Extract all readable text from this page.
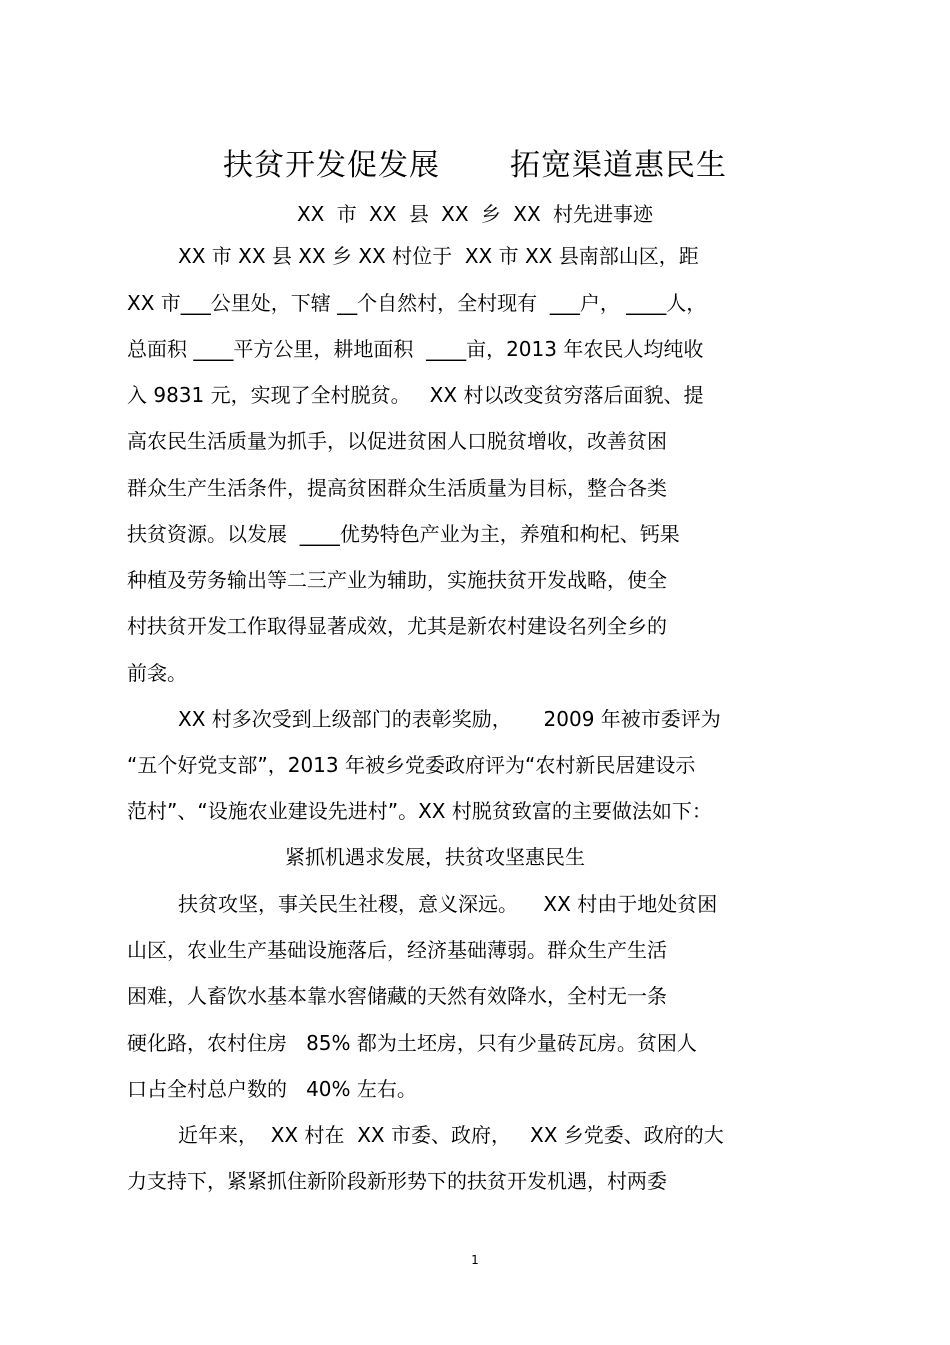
扶贫开发促发展 拓宽渠道惠民生
XX 市 XX 县 XX 乡 XX 村先进事迹
XX 市 XX 县 XX 乡 XX 村位于  XX 市 XX 县南部山区，距
XX 市___公里处，下辖 __个自然村，全村现有  ___户， ____人，
总面积 ____平方公里，耕地面积  ____亩，2013 年农民人均纯收
入 9831 元，实现了全村脱贫。   XX 村以改变贫穷落后面貌、提
高农民生活质量为抓手，以促进贫困人口脱贫增收，改善贫困
群众生产生活条件，提高贫困群众生活质量为目标，整合各类
扶贫资源。以发展  ____优势特色产业为主，养殖和枸杞、钙果
种植及劳务输出等二三产业为辅助，实施扶贫开发战略，使全
村扶贫开发工作取得显著成效，尤其是新农村建设名列全乡的
前衾。
XX 村多次受到上级部门的表彰奖励，     2009 年被市委评为
“五个好党支部”，2013 年被乡党委政府评为“农村新民居建设示
范村”、“设施农业建设先进村”。XX 村脱贫致富的主要做法如下：
紧抓机遇求发展，扶贫攻坚惠民生
扶贫攻坚，事关民生社稷，意义深远。    XX 村由于地处贫困
山区，农业生产基础设施落后，经济基础薄弱。群众生产生活
困难，人畜饮水基本靠水窖储藏的天然有效降水，全村无一条
硬化路，农村住房   85% 都为土坯房，只有少量砖瓦房。贫困人
口占全村总户数的   40% 左右。
近年来，  XX 村在  XX 市委、政府，   XX 乡党委、政府的大
力支持下，紧紧抓住新阶段新形势下的扶贫开发机遇，村两委
1
